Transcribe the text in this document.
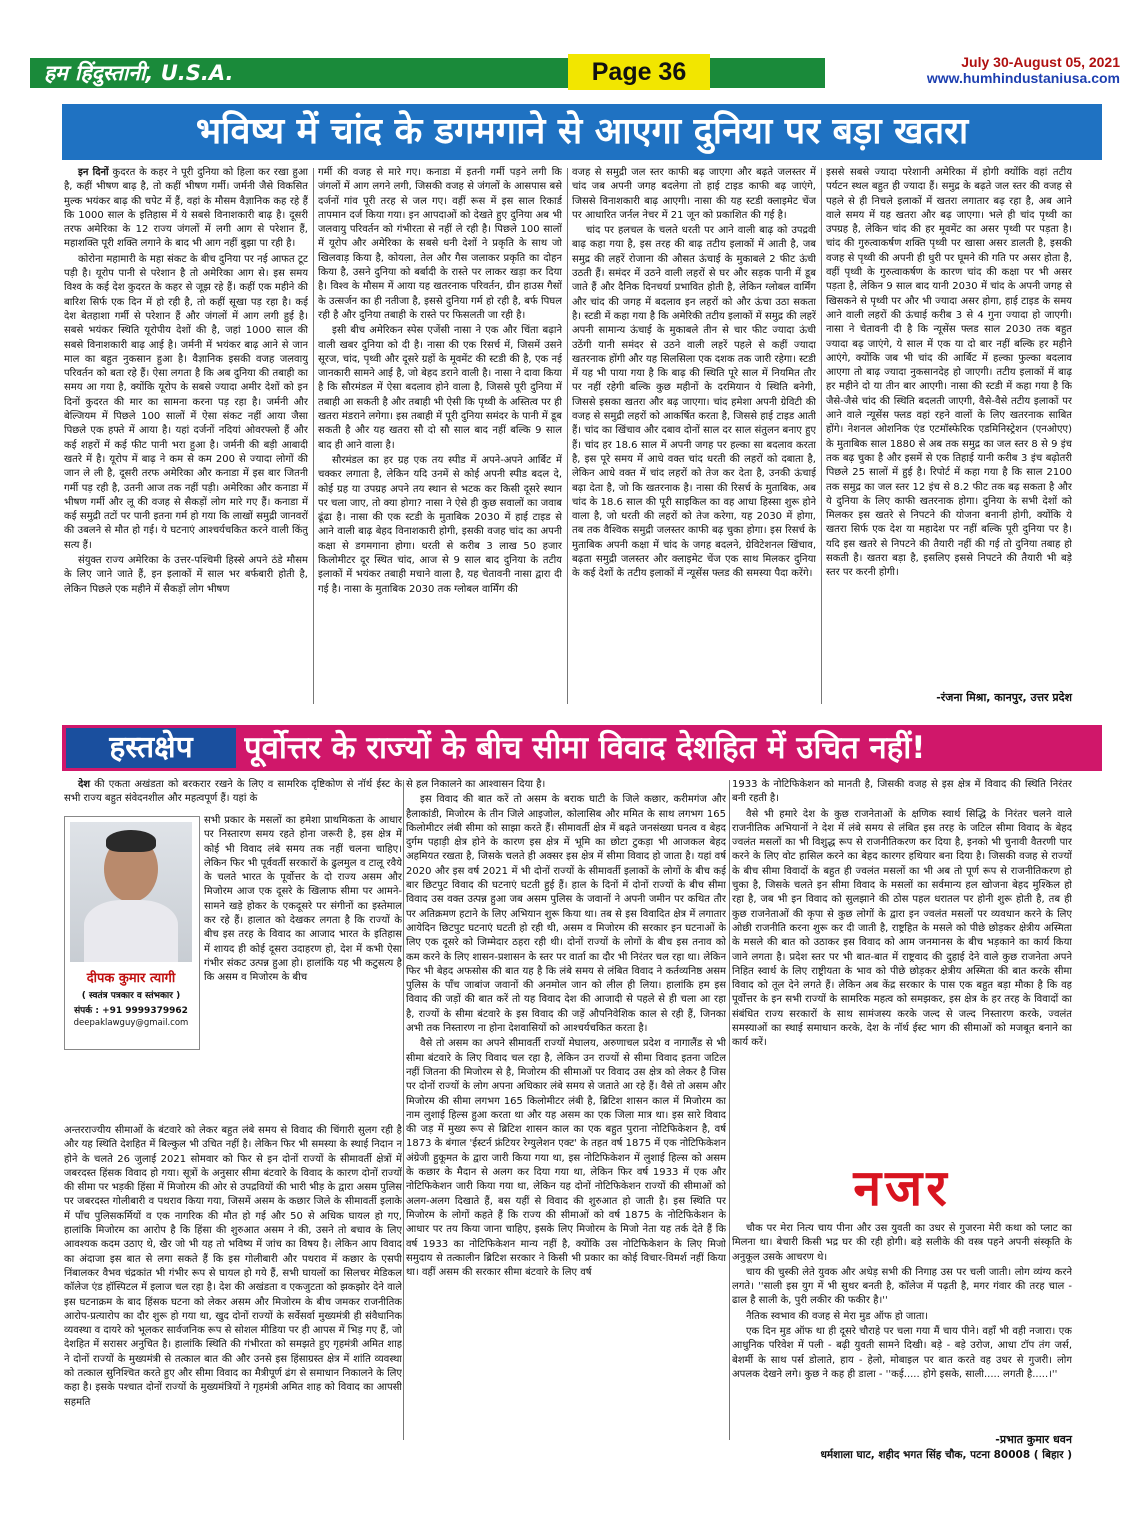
हम हिंदुस्तानी, U.S.A.	Page 36	July 30-August 05, 2021
www.humhindustaniusa.com
भविष्य में चांद के डगमगाने से आएगा दुनिया पर बड़ा खतरा

इन दिनों कुदरत के कहर ने पूरी दुनिया को हिला कर रखा हुआ है, कहीं भीषण बाढ़ है, तो कहीं भीषण गर्मी। जर्मनी जैसे विकसित मुल्क भयंकर बाढ़ की चपेट में हैं, वहां के मौसम वैज्ञानिक कह रहे हैं कि 1000 साल के इतिहास में ये सबसे विनाशकारी बाढ़ है। दूसरी तरफ अमेरिका के 12 राज्य जंगलों में लगी आग से परेशान हैं, महाशक्ति पूरी शक्ति लगाने के बाद भी आग नहीं बुझा पा रही है।

कोरोना महामारी के महा संकट के बीच दुनिया पर नई आफत टूट पड़ी है। यूरोप पानी से परेशान है तो अमेरिका आग से। इस समय विश्व के कई देश कुदरत के कहर से जूझ रहे हैं। कहीं एक महीने की बारिश सिर्फ एक दिन में हो रही है, तो कहीं सूखा पड़ रहा है। कई देश बेतहाशा गर्मी से परेशान हैं और जंगलों में आग लगी हुई है। सबसे भयंकर स्थिति यूरोपीय देशों की है, जहां 1000 साल की सबसे विनाशकारी बाढ़ आई है। जर्मनी में भयंकर बाढ़ आने से जान माल का बहुत नुकसान हुआ है। वैज्ञानिक इसकी वजह जलवायु परिवर्तन को बता रहे हैं। ऐसा लगता है कि अब दुनिया की तबाही का समय आ गया है, क्योंकि यूरोप के सबसे ज्यादा अमीर देशों को इन दिनों कुदरत की मार का सामना करना पड़ रहा है। जर्मनी और बेल्जियम में पिछले 100 सालों में ऐसा संकट नहीं आया जैसा पिछले एक हफ्ते में आया है। यहां दर्जनों नदियां ओवरफ्लो हैं और कई शहरों में कई फीट पानी भरा हुआ है। जर्मनी की बड़ी आबादी खतरे में है। यूरोप में बाढ़ ने कम से कम 200 से ज्यादा लोगों की जान ले ली है, दूसरी तरफ अमेरिका और कनाडा में इस बार जितनी गर्मी पड़ रही है, उतनी आज तक नहीं पड़ी। अमेरिका और कनाडा में भीषण गर्मी और लू की वजह से सैकड़ों लोग मारे गए हैं। कनाडा में कई समुद्री तटों पर पानी इतना गर्म हो गया कि लाखों समुद्री जानवरों की उबलने से मौत हो गई। ये घटनाएं आश्चर्यचकित करने वाली किंतु सत्य हैं।

संयुक्त राज्य अमेरिका के उत्तर-पश्चिमी हिस्से अपने ठंडे मौसम के लिए जाने जाते हैं, इन इलाकों में साल भर बर्फबारी होती है, लेकिन पिछले एक महीने में सैकड़ों लोग भीषण

गर्मी की वजह से मारे गए। कनाडा में इतनी गर्मी पड़ने लगी कि जंगलों में आग लगने लगी, जिसकी वजह से जंगलों के आसपास बसे दर्जनों गांव पूरी तरह से जल गए। वहीं रूस में इस साल रिकार्ड तापमान दर्ज किया गया। इन आपदाओं को देखते हुए दुनिया अब भी जलवायु परिवर्तन को गंभीरता से नहीं ले रही है। पिछले 100 सालों में यूरोप और अमेरिका के सबसे धनी देशों ने प्रकृति के साथ जो खिलवाड़ किया है, कोयला, तेल और गैस जलाकर प्रकृति का दोहन किया है, उसने दुनिया को बर्बादी के रास्ते पर लाकर खड़ा कर दिया है। विश्व के मौसम में आया यह खतरनाक परिवर्तन, ग्रीन हाउस गैसों के उत्सर्जन का ही नतीजा है, इससे दुनिया गर्म हो रही है, बर्फ पिघल रही है और दुनिया तबाही के रास्ते पर फिसलती जा रही है।

इसी बीच अमेरिकन स्पेस एजेंसी नासा ने एक और चिंता बढ़ाने वाली खबर दुनिया को दी है। नासा की एक रिसर्च में, जिसमें उसने सूरज, चांद, पृथ्वी और दूसरे ग्रहों के मूवमेंट की स्टडी की है, एक नई जानकारी सामने आई है, जो बेहद डराने वाली है। नासा ने दावा किया है कि सौरमंडल में ऐसा बदलाव होने वाला है, जिससे पूरी दुनिया में तबाही आ सकती है और तबाही भी ऐसी कि पृथ्वी के अस्तित्व पर ही खतरा मंडराने लगेगा। इस तबाही में पूरी दुनिया समंदर के पानी में डूब सकती है और यह खतरा सौ दो सौ साल बाद नहीं बल्कि 9 साल बाद ही आने वाला है।

सौरमंडल का हर ग्रह एक तय स्पीड में अपने-अपने आर्बिट में चक्कर लगाता है, लेकिन यदि उनमें से कोई अपनी स्पीड बदल दे, कोई ग्रह या उपग्रह अपने तय स्थान से भटक कर किसी दूसरे स्थान पर चला जाए, तो क्या होगा? नासा ने ऐसे ही कुछ सवालों का जवाब ढूंढा है। नासा की एक स्टडी के मुताबिक 2030 में हाई टाइड से आने वाली बाढ़ बेहद विनाशकारी होगी, इसकी वजह चांद का अपनी कक्षा से डगमगाना होगा। धरती से करीब 3 लाख 50 हजार किलोमीटर दूर स्थित चांद, आज से 9 साल बाद दुनिया के तटीय इलाकों में भयंकर तबाही मचाने वाला है, यह चेतावनी नासा द्वारा दी गई है। नासा के मुताबिक 2030 तक ग्लोबल वार्मिंग की

वजह से समुद्री जल स्तर काफी बढ़ जाएगा और बढ़ते जलस्तर में चांद जब अपनी जगह बदलेगा तो हाई टाइड काफी बढ़ जाएंगे, जिससे विनाशकारी बाढ़ आएगी। नासा की यह स्टडी क्लाइमेट चेंज पर आधारित जर्नल नेचर में 21 जून को प्रकाशित की गई है।

चांद पर हलचल के चलते धरती पर आने वाली बाढ़ को उपद्रवी बाढ़ कहा गया है, इस तरह की बाढ़ तटीय इलाकों में आती है, जब समुद्र की लहरें रोजाना की औसत ऊंचाई के मुकाबले 2 फीट ऊंची उठती हैं। समंदर में उठने वाली लहरों से घर और सड़क पानी में डूब जाते हैं और दैनिक दिनचर्या प्रभावित होती है, लेकिन ग्लोबल वार्मिंग और चांद की जगह में बदलाव इन लहरों को और ऊंचा उठा सकता है। स्टडी में कहा गया है कि अमेरिकी तटीय इलाकों में समुद्र की लहरें अपनी सामान्य ऊंचाई के मुकाबले तीन से चार फीट ज्यादा ऊंची उठेंगी यानी समंदर से उठने वाली लहरें पहले से कहीं ज्यादा खतरनाक होंगी और यह सिलसिला एक दशक तक जारी रहेगा। स्टडी में यह भी पाया गया है कि बाढ़ की स्थिति पूरे साल में नियमित तौर पर नहीं रहेगी बल्कि कुछ महीनों के दरमियान ये स्थिति बनेगी, जिससे इसका खतरा और बढ़ जाएगा। चांद हमेशा अपनी ग्रेविटी की वजह से समुद्री लहरों को आकर्षित करता है, जिससे हाई टाइड आती हैं। चांद का खिंचाव और दबाव दोनों साल दर साल संतुलन बनाए हुए हैं। चांद हर 18.6 साल में अपनी जगह पर हल्का सा बदलाव करता है, इस पूरे समय में आधे वक्त चांद धरती की लहरों को दबाता है, लेकिन आधे वक्त में चांद लहरों को तेज कर देता है, उनकी ऊंचाई बढ़ा देता है, जो कि खतरनाक है। नासा की रिसर्च के मुताबिक, अब चांद के 18.6 साल की पूरी साइकिल का वह आधा हिस्सा शुरू होने वाला है, जो धरती की लहरों को तेज करेगा, यह 2030 में होगा, तब तक वैश्विक समुद्री जलस्तर काफी बढ़ चुका होगा। इस रिसर्च के मुताबिक अपनी कक्षा में चांद के जगह बदलने, ग्रेविटेशनल खिंचाव, बढ़ता समुद्री जलस्तर और क्लाइमेट चेंज एक साथ मिलकर दुनिया के कई देशों के तटीय इलाकों में न्यूसेंस फ्लड की समस्या पैदा करेंगे।

इससे सबसे ज्यादा परेशानी अमेरिका में होगी क्योंकि वहां तटीय पर्यटन स्थल बहुत ही ज्यादा हैं। समुद्र के बढ़ते जल स्तर की वजह से पहले से ही निचले इलाकों में खतरा लगातार बढ़ रहा है, अब आने वाले समय में यह खतरा और बढ़ जाएगा। भले ही चांद पृथ्वी का उपग्रह है, लेकिन चांद की हर मूवमेंट का असर पृथ्वी पर पड़ता है। चांद की गुरुत्वाकर्षण शक्ति पृथ्वी पर खासा असर डालती है, इसकी वजह से पृथ्वी की अपनी ही धुरी पर घूमने की गति पर असर होता है, वहीं पृथ्वी के गुरुत्वाकर्षण के कारण चांद की कक्षा पर भी असर पड़ता है, लेकिन 9 साल बाद यानी 2030 में चांद के अपनी जगह से खिसकने से पृथ्वी पर और भी ज्यादा असर होगा, हाई टाइड के समय आने वाली लहरों की ऊंचाई करीब 3 से 4 गुना ज्यादा हो जाएगी। नासा ने चेतावनी दी है कि न्यूसेंस फ्लड साल 2030 तक बहुत ज्यादा बढ़ जाएंगे, ये साल में एक या दो बार नहीं बल्कि हर महीने आएंगे, क्योंकि जब भी चांद की आर्बिट में हल्का फुल्का बदलाव आएगा तो बाढ़ ज्यादा नुकसानदेह हो जाएगी। तटीय इलाकों में बाढ़ हर महीने दो या तीन बार आएगी। नासा की स्टडी में कहा गया है कि जैसे-जैसे चांद की स्थिति बदलती जाएगी, वैसे-वैसे तटीय इलाकों पर आने वाले न्यूसेंस फ्लड वहां रहने वालों के लिए खतरनाक साबित होंगे। नेशनल ओशनिक एंड एटमॉस्फेरिक एडमिनिस्ट्रेशन (एनओएए) के मुताबिक साल 1880 से अब तक समुद्र का जल स्तर 8 से 9 इंच तक बढ़ चुका है और इसमें से एक तिहाई यानी करीब 3 इंच बढ़ोतरी पिछले 25 सालों में हुई है। रिपोर्ट में कहा गया है कि साल 2100 तक समुद्र का जल स्तर 12 इंच से 8.2 फीट तक बढ़ सकता है और ये दुनिया के लिए काफी खतरनाक होगा। दुनिया के सभी देशों को मिलकर इस खतरे से निपटने की योजना बनानी होगी, क्योंकि ये खतरा सिर्फ एक देश या महादेश पर नहीं बल्कि पूरी दुनिया पर है। यदि इस खतरे से निपटने की तैयारी नहीं की गई तो दुनिया तबाह हो सकती है। खतरा बड़ा है, इसलिए इससे निपटने की तैयारी भी बड़े स्तर पर करनी होगी।

-रंजना मिश्रा, कानपुर, उत्तर प्रदेश
हस्तक्षेप	पूर्वोत्तर के राज्यों के बीच सीमा विवाद देशहित में उचित नहीं!

देश की एकता अखंडता को बरकरार रखने के लिए व सामरिक दृष्टिकोण से नॉर्थ ईस्ट के सभी राज्य बहुत संवेदनशील और महत्वपूर्ण हैं। यहां के

दीपक कुमार त्यागी
( स्वतंत्र पत्रकार व स्तंभकार )
संपर्क : +91 9999379962
deepaklawguy@gmail.com

सभी प्रकार के मसलों का हमेशा प्राथमिकता के आधार पर निस्तारण समय रहते होना जरूरी है, इस क्षेत्र में कोई भी विवाद लंबे समय तक नहीं चलना चाहिए। लेकिन फिर भी पूर्ववर्ती सरकारों के ढुलमुल व टालू रवैये के चलते भारत के पूर्वोत्तर के दो राज्य असम और मिजोरम आज एक दूसरे के खिलाफ सीमा पर आमने-सामने खड़े होकर के एकदूसरे पर संगीनों का इस्तेमाल कर रहे हैं। हालात को देखकर लगता है कि राज्यों के बीच इस तरह के विवाद का आजाद भारत के इतिहास में शायद ही कोई दूसरा उदाहरण हो, देश में कभी ऐसा गंभीर संकट उत्पन्न हुआ हो। हालांकि यह भी कटुसत्य है कि असम व मिजोरम के बीच

अन्तरराज्यीय सीमाओं के बंटवारे को लेकर बहुत लंबे समय से विवाद की चिंगारी सुलग रही है और यह स्थिति देशहित में बिल्कुल भी उचित नहीं है। लेकिन फिर भी समस्या के स्थाई निदान न होने के चलते 26 जुलाई 2021 सोमवार को फिर से इन दोनों राज्यों के सीमावर्ती क्षेत्रों में जबरदस्त हिंसक विवाद हो गया। सूत्रों के अनुसार सीमा बंटवारे के विवाद के कारण दोनों राज्यों की सीमा पर भड़की हिंसा में मिजोरम की ओर से उपद्रवियों की भारी भीड़ के द्वारा असम पुलिस पर जबरदस्त गोलीबारी व पथराव किया गया, जिसमें असम के कछार जिले के सीमावर्ती इलाके में पाँच पुलिसकर्मियों व एक नागरिक की मौत हो गई और 50 से अधिक घायल हो गए, हालांकि मिजोरम का आरोप है कि हिंसा की शुरुआत असम ने की, उसने तो बचाव के लिए आवश्यक कदम उठाए थे, खैर जो भी यह तो भविष्य में जांच का विषय है। लेकिन आप विवाद का अंदाजा इस बात से लगा सकते हैं कि इस गोलीबारी और पथराव में कछार के एसपी निंबालकर वैभव चंद्रकांत भी गंभीर रूप से घायल हो गये हैं, सभी घायलों का सिलचर मेडिकल कॉलेज एंड हॉस्पिटल में इलाज चल रहा है। देश की अखंडता व एकजुटता को झकझोर देने वाले इस घटनाक्रम के बाद हिंसक घटना को लेकर असम और मिजोरम के बीच जमकर राजनीतिक आरोप-प्रत्यारोप का दौर शुरू हो गया था, खुद दोनों राज्यों के सर्वेसर्वा मुख्यमंत्री ही संवैधानिक व्यवस्था व दायरे को भूलकर सार्वजनिक रूप से सोशल मीडिया पर ही आपस में भिड़ गए हैं, जो देशहित में सरासर अनुचित है। हालांकि स्थिति की गंभीरता को समझते हुए गृहमंत्री अमित शाह ने दोनों राज्यों के मुख्यमंत्री से तत्काल बात की और उनसे इस हिंसाग्रस्त क्षेत्र में शांति व्यवस्था को तत्काल सुनिश्चित करते हुए और सीमा विवाद का मैत्रीपूर्ण ढंग से समाधान निकालने के लिए कहा है। इसके पश्चात दोनों राज्यों के मुख्यमंत्रियों ने गृहमंत्री अमित शाह को विवाद का आपसी सहमति

से हल निकालने का आश्वासन दिया है।

इस विवाद की बात करें तो असम के बराक घाटी के जिले कछार, करीमगंज और हैलाकांडी, मिजोरम के तीन जिले आइजोल, कोलासिब और ममित के साथ लगभग 165 किलोमीटर लंबी सीमा को साझा करते हैं। सीमावर्ती क्षेत्र में बढ़ते जनसंख्या घनत्व व बेहद दुर्गम पहाड़ी क्षेत्र होने के कारण इस क्षेत्र में भूमि का छोटा टुकड़ा भी आजकल बेहद अहमियत रखता है, जिसके चलते ही अक्सर इस क्षेत्र में सीमा विवाद हो जाता है। यहां वर्ष 2020 और इस वर्ष 2021 में भी दोनों राज्यों के सीमावर्ती इलाकों के लोगों के बीच कई बार छिटपुट विवाद की घटनाएं घटती हुई हैं। हाल के दिनों में दोनों राज्यों के बीच सीमा विवाद उस वक्त उत्पन्न हुआ जब असम पुलिस के जवानों ने अपनी जमीन पर कथित तौर पर अतिक्रमण हटाने के लिए अभियान शुरू किया था। तब से इस विवादित क्षेत्र में लगातार आयेदिन छिटपुट घटनाएं घटती हो रही थी, असम व मिजोरम की सरकार इन घटनाओं के लिए एक दूसरे को जिम्मेदार ठहरा रही थी। दोनों राज्यों के लोगों के बीच इस तनाव को कम करने के लिए शासन-प्रशासन के स्तर पर वार्ता का दौर भी निरंतर चल रहा था। लेकिन फिर भी बेहद अफसोस की बात यह है कि लंबे समय से लंबित विवाद ने कर्तव्यनिष्ठ असम पुलिस के पाँच जाबांज जवानों की अनमोल जान को लील ही लिया। हालांकि हम इस विवाद की जड़ों की बात करें तो यह विवाद देश की आजादी से पहले से ही चला आ रहा है, राज्यों के सीमा बंटवारे के इस विवाद की जड़ें औपनिवेशिक काल से रही हैं, जिनका अभी तक निस्तारण ना होना देशवासियों को आश्चर्यचकित करता है।

वैसे तो असम का अपने सीमावर्ती राज्यों मेघालय, अरुणाचल प्रदेश व नागालैंड से भी सीमा बंटवारे के लिए विवाद चल रहा है, लेकिन उन राज्यों से सीमा विवाद इतना जटिल नहीं जितना की मिजोरम से है, मिजोरम की सीमाओं पर विवाद उस क्षेत्र को लेकर है जिस पर दोनों राज्यों के लोग अपना अधिकार लंबे समय से जताते आ रहे हैं। वैसे तो असम और मिजोरम की सीमा लगभग 165 किलोमीटर लंबी है, ब्रिटिश शासन काल में मिजोरम का नाम लुशाई हिल्स हुआ करता था और यह असम का एक जिला मात्र था। इस सारे विवाद की जड़ में मुख्य रूप से ब्रिटिश शासन काल का एक बहुत पुराना नोटिफिकेशन है, वर्ष 1873 के बंगाल 'ईस्टर्न फ्रंटियर रेग्युलेशन एक्ट' के तहत वर्ष 1875 में एक नोटिफिकेशन अंग्रेजी हुकूमत के द्वारा जारी किया गया था, इस नोटिफिकेशन में लुशाई हिल्स को असम के कछार के मैदान से अलग कर दिया गया था, लेकिन फिर वर्ष 1933 में एक और नोटिफिकेशन जारी किया गया था, लेकिन यह दोनों नोटिफिकेशन राज्यों की सीमाओं को अलग-अलग दिखाते हैं, बस यहीं से विवाद की शुरुआत हो जाती है। इस स्थिति पर मिजोरम के लोगों कहते हैं कि राज्य की सीमाओं को वर्ष 1875 के नोटिफिकेशन के आधार पर तय किया जाना चाहिए, इसके लिए मिजोरम के मिजो नेता यह तर्क देते हैं कि वर्ष 1933 का नोटिफिकेशन मान्य नहीं है, क्योंकि उस नोटिफिकेशन के लिए मिजो समुदाय से तत्कालीन ब्रिटिश सरकार ने किसी भी प्रकार का कोई विचार-विमर्श नहीं किया था। वहीं असम की सरकार सीमा बंटवारे के लिए वर्ष

1933 के नोटिफिकेशन को मानती है, जिसकी वजह से इस क्षेत्र में विवाद की स्थिति निरंतर बनी रहती है।

वैसे भी हमारे देश के कुछ राजनेताओं के क्षणिक स्वार्थ सिद्धि के निरंतर चलने वाले राजनीतिक अभियानों ने देश में लंबे समय से लंबित इस तरह के जटिल सीमा विवाद के बेहद ज्वलंत मसलों का भी विशुद्ध रूप से राजनीतिकरण कर दिया है, इनको भी चुनावी वैतरणी पार करने के लिए वोट हासिल करने का बेहद कारगर हथियार बना दिया है। जिसकी वजह से राज्यों के बीच सीमा विवादों के बहुत ही ज्वलंत मसलों का भी अब तो पूर्ण रूप से राजनीतिकरण हो चुका है, जिसके चलते इन सीमा विवाद के मसलों का सर्वमान्य हल खोजना बेहद मुश्किल हो रहा है, जब भी इन विवाद को सुलझाने की ठोस पहल धरातल पर होनी शुरू होती है, तब ही कुछ राजनेताओं की कृपा से कुछ लोगों के द्वारा इन ज्वलंत मसलों पर व्यवधान करने के लिए ओछी राजनीति करना शुरू कर दी जाती है, राष्ट्रहित के मसले को पीछे छोड़कर क्षेत्रीय अस्मिता के मसले की बात को उठाकर इस विवाद को आम जनमानस के बीच भड़काने का कार्य किया जाने लगता है। प्रदेश स्तर पर भी बात-बात में राष्ट्रवाद की दुहाई देने वाले कुछ राजनेता अपने निहित स्वार्थ के लिए राष्ट्रीयता के भाव को पीछे छोड़कर क्षेत्रीय अस्मिता की बात करके सीमा विवाद को तूल देने लगते हैं। लेकिन अब केंद्र सरकार के पास एक बहुत बड़ा मौका है कि वह पूर्वोत्तर के इन सभी राज्यों के सामरिक महत्व को समझकर, इस क्षेत्र के हर तरह के विवादों का संबंधित राज्य सरकारों के साथ सामंजस्य करके जल्द से जल्द निस्तारण करके, ज्वलंत समस्याओं का स्थाई समाधान करके, देश के नॉर्थ ईस्ट भाग की सीमाओं को मजबूत बनाने का कार्य करें।

नजर

चौक पर मेरा नित्य चाय पीना और उस युवती का उधर से गुजरना मेरी कथा को प्लाट का मिलना था। बेचारी किसी भद्र घर की रही होगी। बड़े सलीके की वस्त्र पहने अपनी संस्कृति के अनुकूल उसके आचरण थे।

चाय की चुस्की लेते युवक और अधेड़ सभी की निगाह उस पर चली जाती। लोग व्यंग्य करने लगते। ''साली इस युग में भी सुथर बनती है, कॉलेज में पढ़ती है, मगर गंवार की तरह चाल - ढाल है साली के, पुरी लकीर की फकीर है।''

नैतिक स्वभाव की वजह से मेरा मुड ऑफ हो जाता।

एक दिन मुड ऑफ था ही दूसरे चौराहे पर चला गया मैं चाय पीने। वहाँ भी वही नजारा। एक आधुनिक परिवेश में पली - बढ़ी युवती सामने दिखी। बड़े - बड़े उरोज, आधा टॉप तंग जर्स, बेशर्मी के साथ पर्स डोलाते, हाय - हेलो, मोबाइल पर बात करते वह उधर से गुजरी। लोग अपलक देखने लगे। कुछ ने कह ही डाला - ''कई..... होगे इसके, साली..... लगती है.....।''

-प्रभात कुमार धवन
धर्मशाला घाट, शहीद भगत सिंह चौक, पटना 80008 ( बिहार )
